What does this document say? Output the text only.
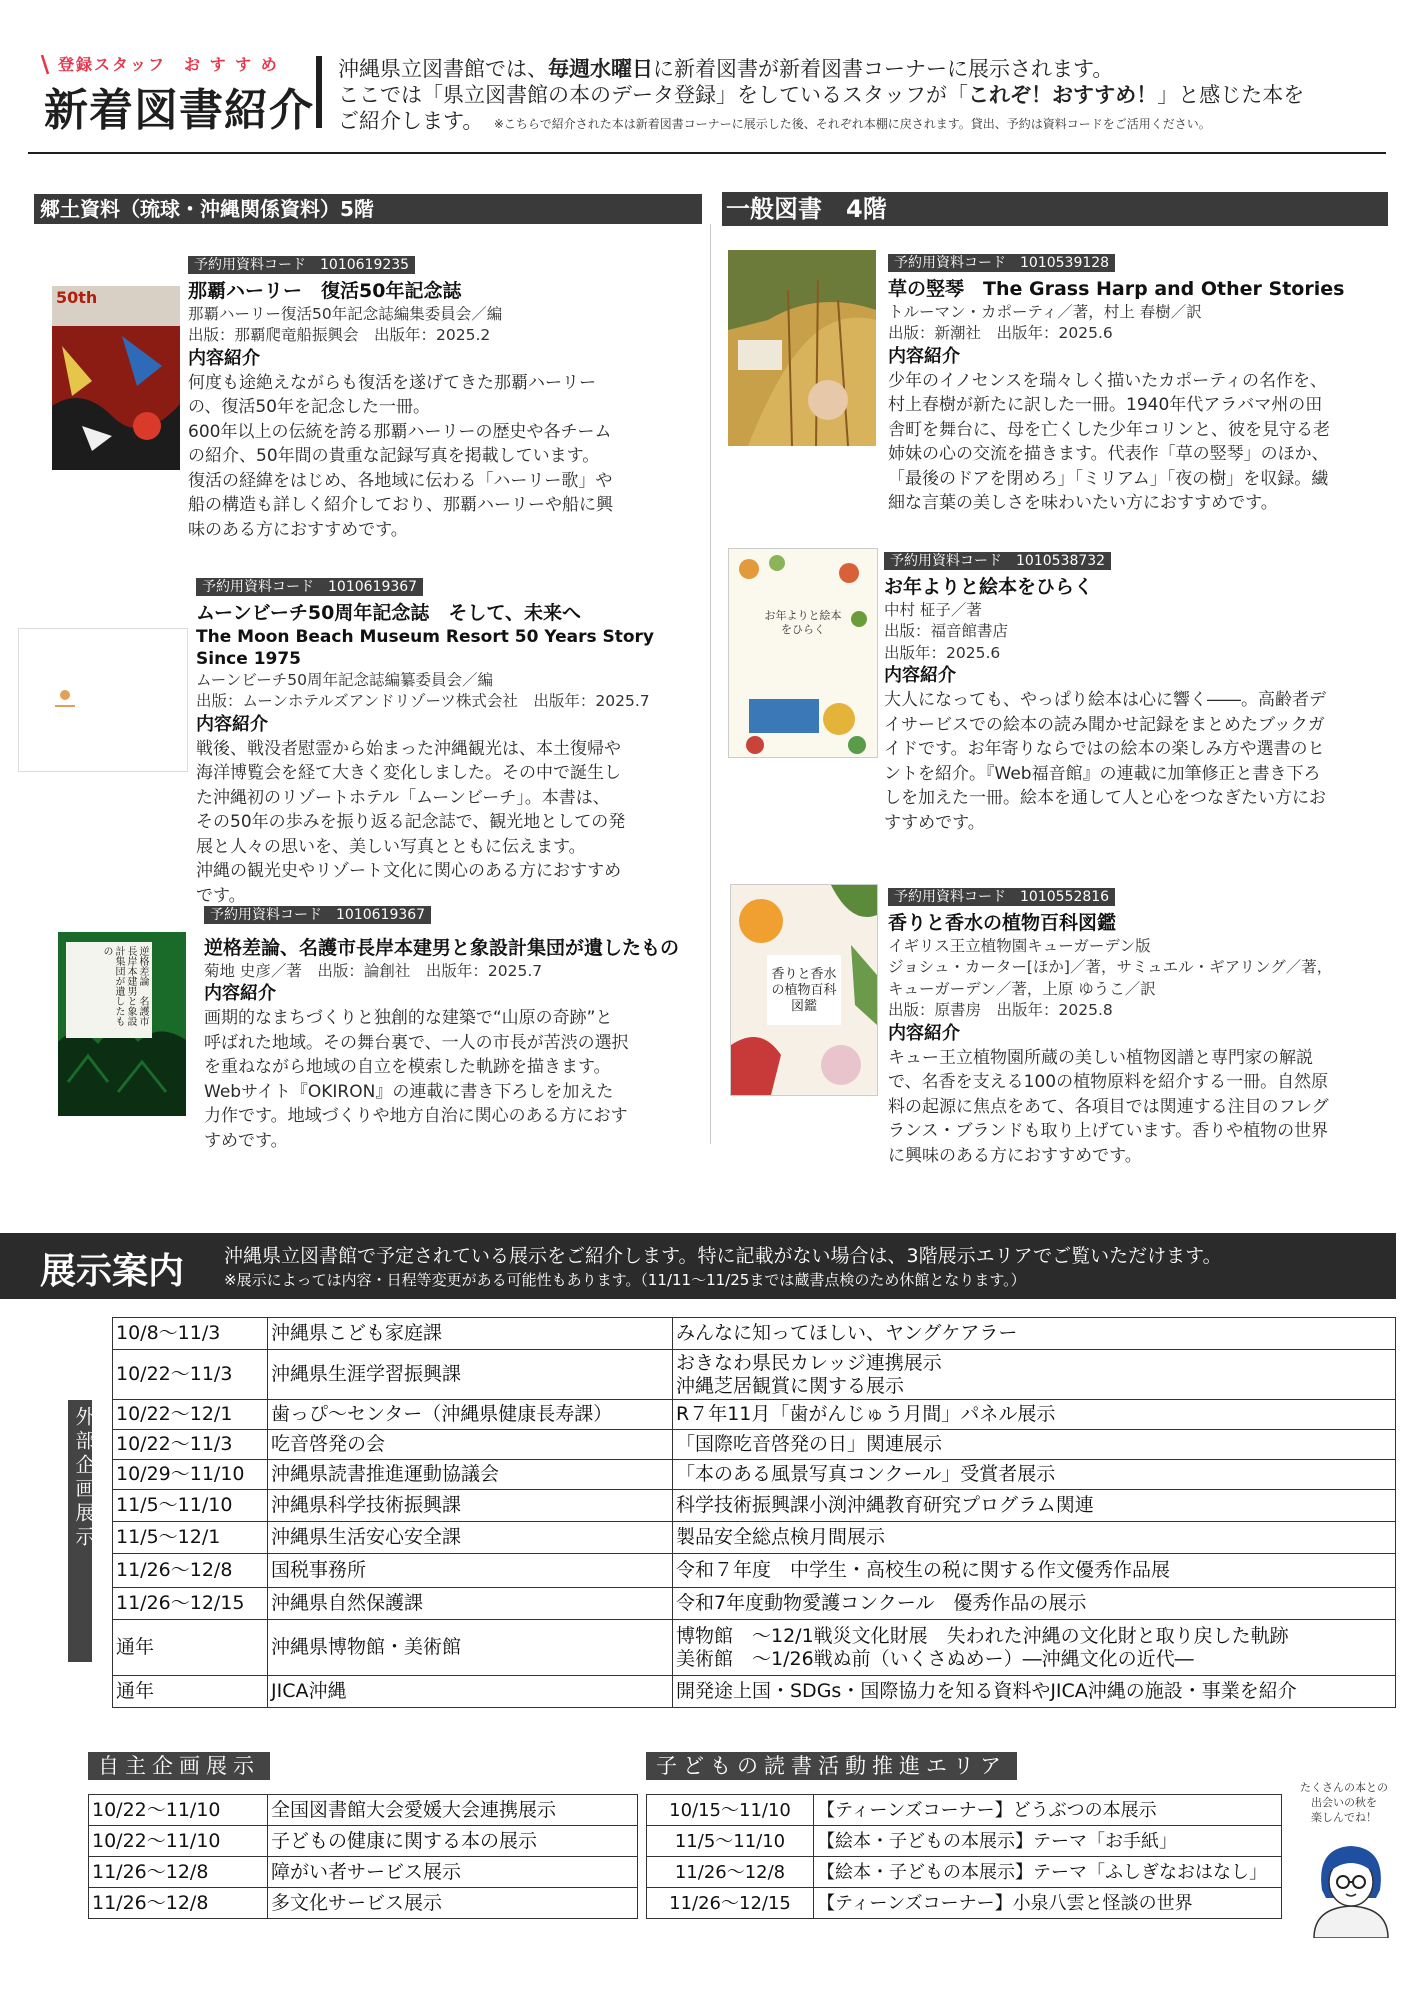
登録スタッフ　お す す め
新着図書紹介
沖縄県立図書館では、毎週水曜日に新着図書が新着図書コーナーに展示されます。
ここでは「県立図書館の本のデータ登録」をしているスタッフが「これぞ！おすすめ！」と感じた本を
ご紹介します。　 ※こちらで紹介された本は新着図書コーナーに展示した後、それぞれ本棚に戻されます。貸出、予約は資料コードをご活用ください。
郷土資料（琉球・沖縄関係資料）5階	一般図書　4階
50th
予約用資料コード　1010619235
那覇ハーリー　復活50年記念誌
那覇ハーリー復活50年記念誌編集委員会／編
出版：那覇爬竜船振興会　出版年：2025.2
内容紹介
何度も途絶えながらも復活を遂げてきた那覇ハーリー
の、復活50年を記念した一冊。
600年以上の伝統を誇る那覇ハーリーの歴史や各チーム
の紹介、50年間の貴重な記録写真を掲載しています。
復活の経緯をはじめ、各地域に伝わる「ハーリー歌」や
船の構造も詳しく紹介しており、那覇ハーリーや船に興
味のある方におすすめです。
予約用資料コード　1010619367
ムーンビーチ50周年記念誌　そして、未来へ
The Moon Beach Museum Resort 50 Years Story Since 1975
ムーンビーチ50周年記念誌編纂委員会／編
出版：ムーンホテルズアンドリゾーツ株式会社　出版年：2025.7
内容紹介
戦後、戦没者慰霊から始まった沖縄観光は、本土復帰や
海洋博覧会を経て大きく変化しました。その中で誕生し
た沖縄初のリゾートホテル「ムーンビーチ」。本書は、
その50年の歩みを振り返る記念誌で、観光地としての発
展と人々の思いを、美しい写真とともに伝えます。
沖縄の観光史やリゾート文化に関心のある方におすすめ
です。
逆格差論　名護市長岸本建男と象設計集団が遺したもの
予約用資料コード　1010619367
逆格差論、名護市長岸本建男と象設計集団が遺したもの
菊地 史彦／著　出版：論創社　出版年：2025.7
内容紹介
画期的なまちづくりと独創的な建築で“山原の奇跡”と
呼ばれた地域。その舞台裏で、一人の市長が苦渋の選択
を重ねながら地域の自立を模索した軌跡を描きます。
Webサイト『OKIRON』の連載に書き下ろしを加えた
力作です。地域づくりや地方自治に関心のある方におす
すめです。
予約用資料コード　1010539128
草の竪琴　The Grass Harp and Other Stories
トルーマン・カポーティ／著，村上 春樹／訳
出版：新潮社　出版年：2025.6
内容紹介
少年のイノセンスを瑞々しく描いたカポーティの名作を、
村上春樹が新たに訳した一冊。1940年代アラバマ州の田
舎町を舞台に、母を亡くした少年コリンと、彼を見守る老
姉妹の心の交流を描きます。代表作「草の竪琴」のほか、
「最後のドアを閉めろ」「ミリアム」「夜の樹」を収録。繊
細な言葉の美しさを味わいたい方におすすめです。
お年よりと絵本をひらく
予約用資料コード　1010538732
お年よりと絵本をひらく
中村 柾子／著
出版：福音館書店
出版年：2025.6
内容紹介
大人になっても、やっぱり絵本は心に響く――。高齢者デ
イサービスでの絵本の読み聞かせ記録をまとめたブックガ
イドです。お年寄りならではの絵本の楽しみ方や選書のヒ
ントを紹介。『Web福音館』の連載に加筆修正と書き下ろ
しを加えた一冊。絵本を通して人と心をつなぎたい方にお
すすめです。
香りと香水の植物百科図鑑
予約用資料コード　1010552816
香りと香水の植物百科図鑑
イギリス王立植物園キューガーデン版
ジョシュ・カーター[ほか]／著，サミュエル・ギアリング／著，
キューガーデン／著，上原 ゆうこ／訳
出版：原書房　出版年：2025.8
内容紹介
キュー王立植物園所蔵の美しい植物図譜と専門家の解説
で、名香を支える100の植物原料を紹介する一冊。自然原
料の起源に焦点をあて、各項目では関連する注目のフレグ
ランス・ブランドも取り上げています。香りや植物の世界
に興味のある方におすすめです。
展示案内 沖縄県立図書館で予定されている展示をご紹介します。特に記載がない場合は、3階展示エリアでご覧いただけます。
※展示によっては内容・日程等変更がある可能性もあります。（11/11～11/25までは蔵書点検のため休館となります。）
外部企画展示
10/8～11/3	沖縄県こども家庭課	みんなに知ってほしい、ヤングケアラー
10/22～11/3	沖縄県生涯学習振興課	おきなわ県民カレッジ連携展示
沖縄芝居観賞に関する展示
10/22～12/1	歯っぴ～センター（沖縄県健康長寿課）	R７年11月「歯がんじゅう月間」パネル展示
10/22～11/3	吃音啓発の会	「国際吃音啓発の日」関連展示
10/29～11/10	沖縄県読書推進運動協議会	「本のある風景写真コンクール」受賞者展示
11/5～11/10	沖縄県科学技術振興課	科学技術振興課小渕沖縄教育研究プログラム関連
11/5～12/1	沖縄県生活安心安全課	製品安全総点検月間展示
11/26～12/8	国税事務所	令和７年度　中学生・高校生の税に関する作文優秀作品展
11/26～12/15	沖縄県自然保護課	令和7年度動物愛護コンクール　優秀作品の展示
通年	沖縄県博物館・美術館	博物館　～12/1戦災文化財展　失われた沖縄の文化財と取り戻した軌跡
美術館　～1/26戦ぬ前（いくさぬめー）―沖縄文化の近代―
通年	JICA沖縄	開発途上国・SDGs・国際協力を知る資料やJICA沖縄の施設・事業を紹介
自主企画展示
10/22～11/10	全国図書館大会愛媛大会連携展示
10/22～11/10	子どもの健康に関する本の展示
11/26～12/8	障がい者サービス展示
11/26～12/8	多文化サービス展示
子どもの読書活動推進エリア
10/15～11/10	【ティーンズコーナー】どうぶつの本展示
11/5～11/10	【絵本・子どもの本展示】テーマ「お手紙」
11/26～12/8	【絵本・子どもの本展示】テーマ「ふしぎなおはなし」
11/26～12/15	【ティーンズコーナー】小泉八雲と怪談の世界
たくさんの本との
出会いの秋を
楽しんでね！
